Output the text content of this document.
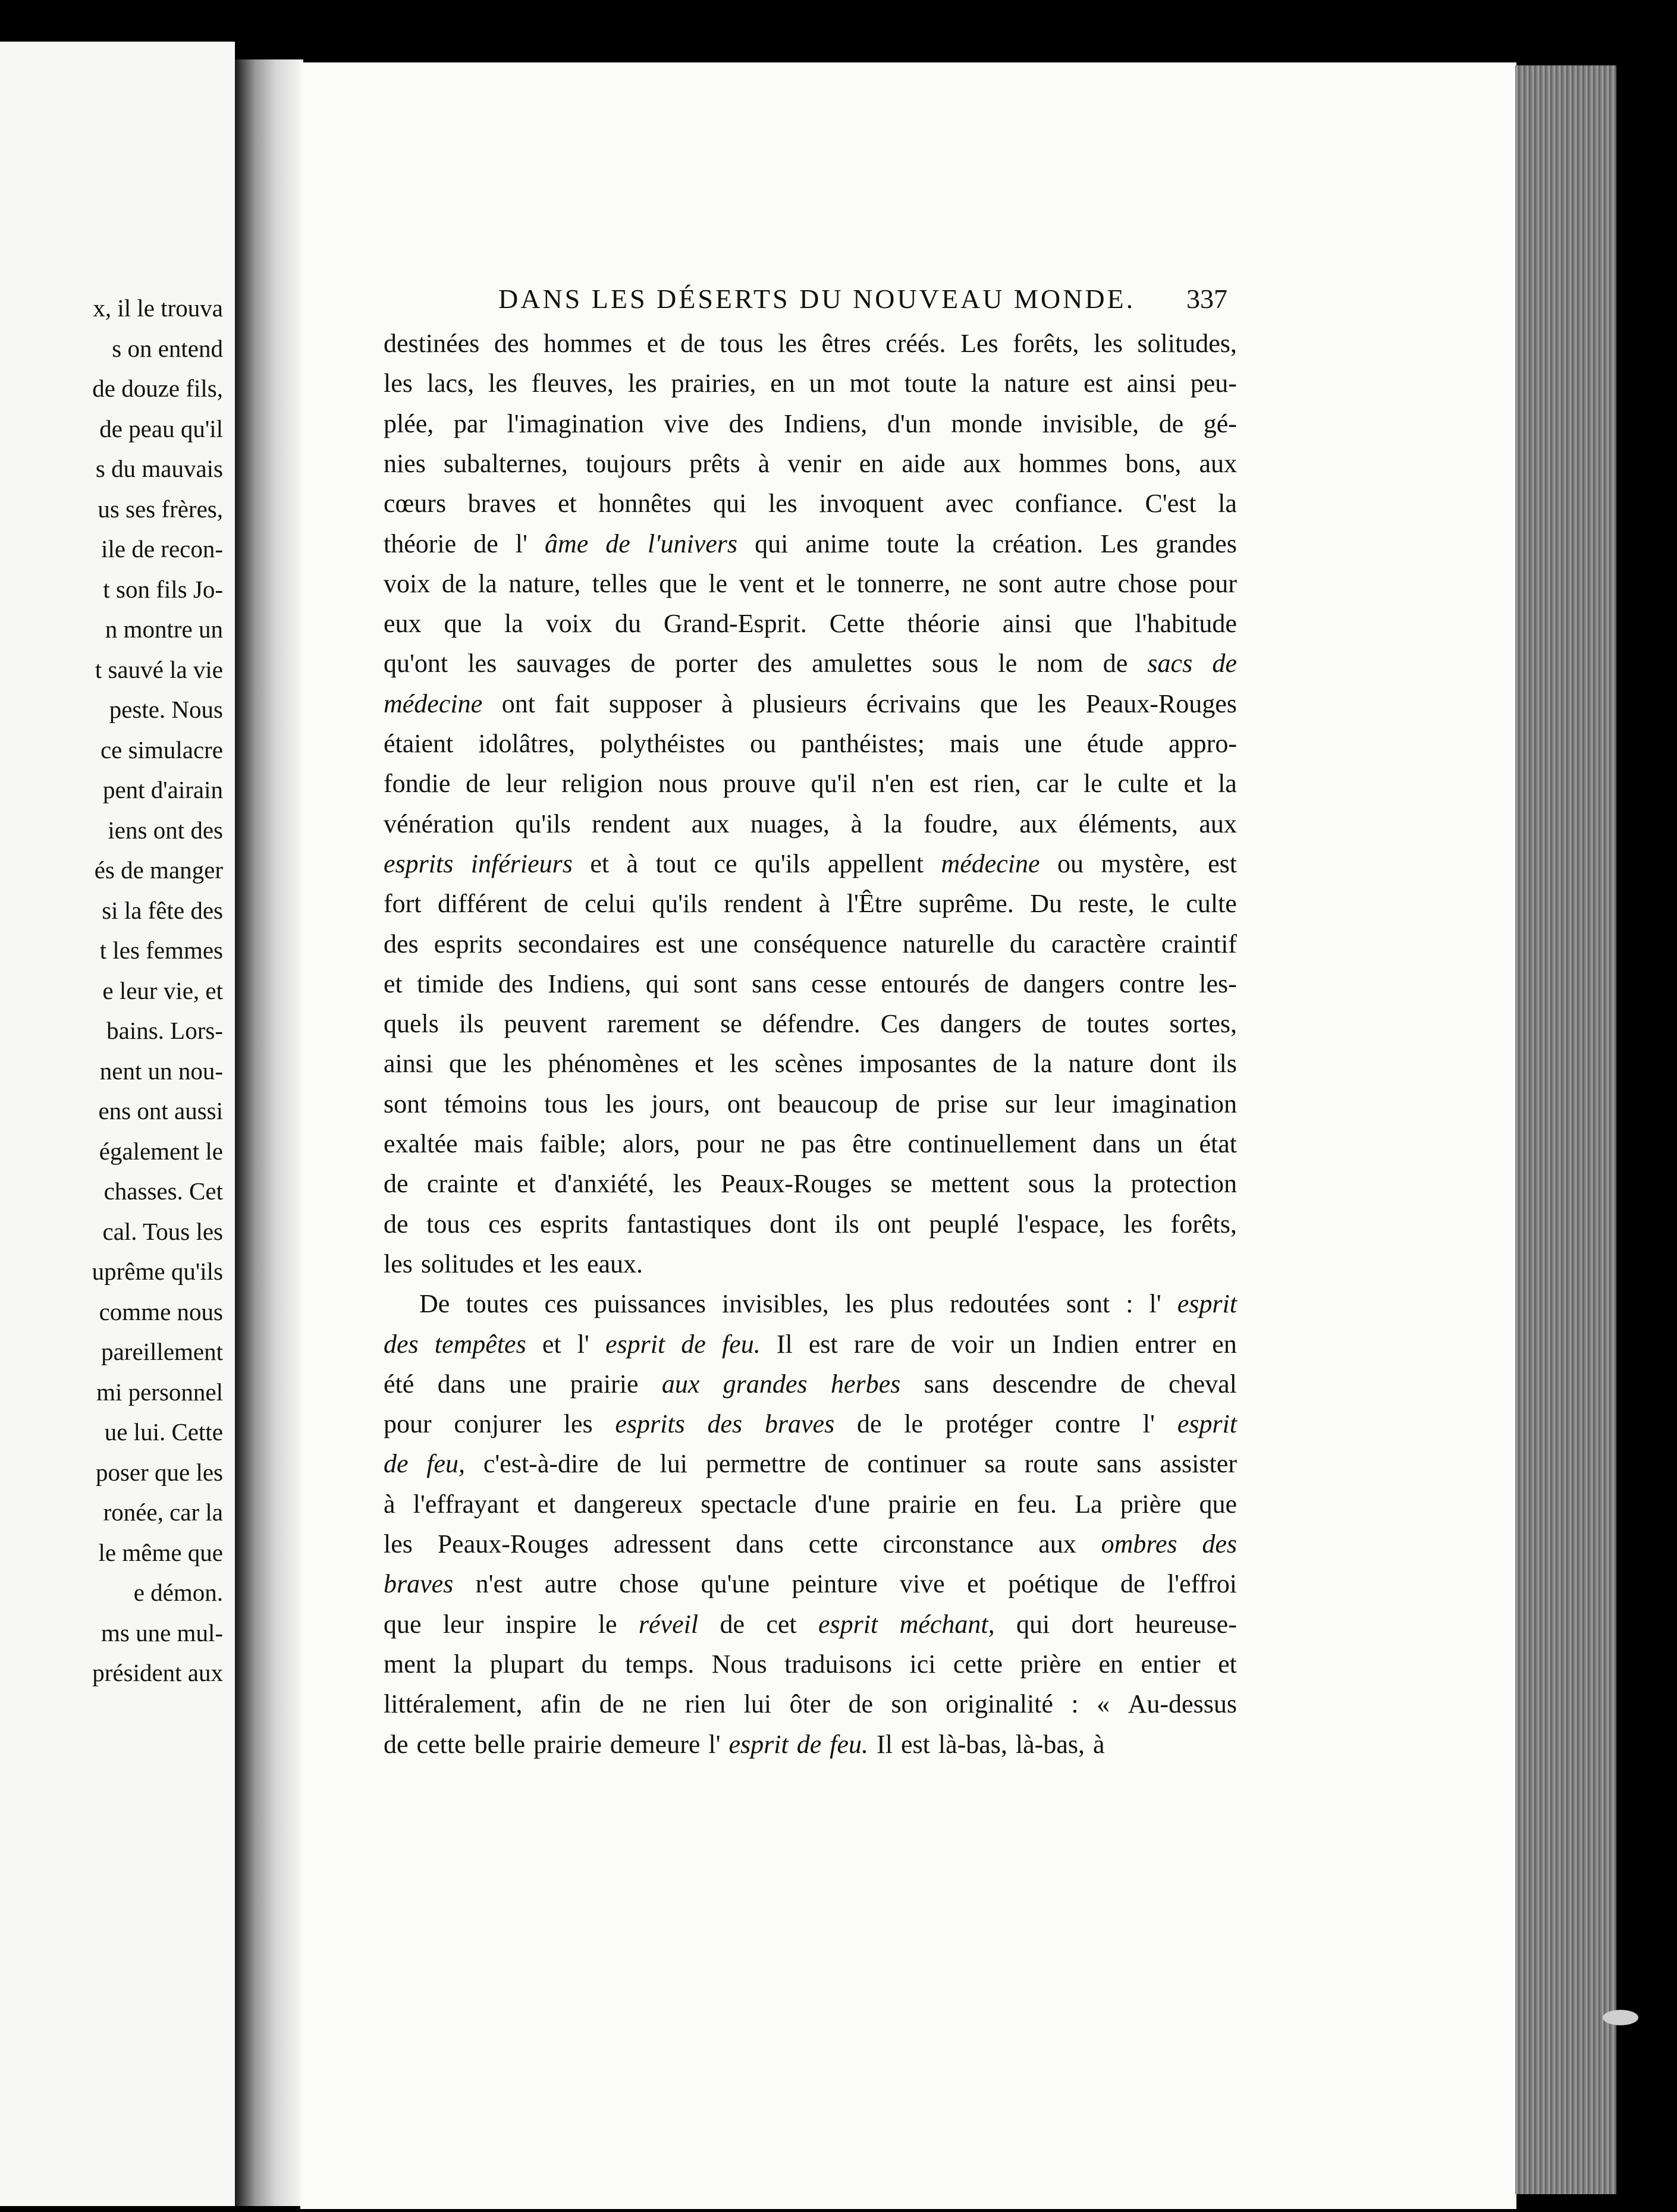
x, il le trouva
s on entend
de douze fils,
de peau qu'il
s du mauvais
us ses frères,
ile de recon-
t son fils Jo-
n montre un
t sauvé la vie
peste. Nous
ce simulacre
pent d'airain
iens ont des
és de manger
si la fête des
t les femmes
e leur vie, et
bains. Lors-
nent un nou-
ens ont aussi
également le
chasses. Cet
cal. Tous les
uprême qu'ils
comme nous
pareillement
mi personnel
ue lui. Cette
poser que les
ronée, car la
le même que
e démon.
ms une mul-
président aux
DANS LES DÉSERTS DU NOUVEAU MONDE. 337
destinées des hommes et de tous les êtres créés. Les forêts, les solitudes,
les lacs, les fleuves, les prairies, en un mot toute la nature est ainsi peu-
plée, par l'imagination vive des Indiens, d'un monde invisible, de gé-
nies subalternes, toujours prêts à venir en aide aux hommes bons, aux
cœurs braves et honnêtes qui les invoquent avec confiance. C'est la
théorie de l' âme de l'univers qui anime toute la création. Les grandes
voix de la nature, telles que le vent et le tonnerre, ne sont autre chose pour
eux que la voix du Grand-Esprit. Cette théorie ainsi que l'habitude
qu'ont les sauvages de porter des amulettes sous le nom de sacs de
médecine ont fait supposer à plusieurs écrivains que les Peaux-Rouges
étaient idolâtres, polythéistes ou panthéistes; mais une étude appro-
fondie de leur religion nous prouve qu'il n'en est rien, car le culte et la
vénération qu'ils rendent aux nuages, à la foudre, aux éléments, aux
esprits inférieurs et à tout ce qu'ils appellent médecine ou mystère, est
fort différent de celui qu'ils rendent à l'Être suprême. Du reste, le culte
des esprits secondaires est une conséquence naturelle du caractère craintif
et timide des Indiens, qui sont sans cesse entourés de dangers contre les-
quels ils peuvent rarement se défendre. Ces dangers de toutes sortes,
ainsi que les phénomènes et les scènes imposantes de la nature dont ils
sont témoins tous les jours, ont beaucoup de prise sur leur imagination
exaltée mais faible; alors, pour ne pas être continuellement dans un état
de crainte et d'anxiété, les Peaux-Rouges se mettent sous la protection
de tous ces esprits fantastiques dont ils ont peuplé l'espace, les forêts,
les solitudes et les eaux.
De toutes ces puissances invisibles, les plus redoutées sont : l' esprit
des tempêtes et l' esprit de feu. Il est rare de voir un Indien entrer en
été dans une prairie aux grandes herbes sans descendre de cheval
pour conjurer les esprits des braves de le protéger contre l' esprit
de feu, c'est-à-dire de lui permettre de continuer sa route sans assister
à l'effrayant et dangereux spectacle d'une prairie en feu. La prière que
les Peaux-Rouges adressent dans cette circonstance aux ombres des
braves n'est autre chose qu'une peinture vive et poétique de l'effroi
que leur inspire le réveil de cet esprit méchant, qui dort heureuse-
ment la plupart du temps. Nous traduisons ici cette prière en entier et
littéralement, afin de ne rien lui ôter de son originalité : « Au-dessus
de cette belle prairie demeure l' esprit de feu. Il est là-bas, là-bas, à
